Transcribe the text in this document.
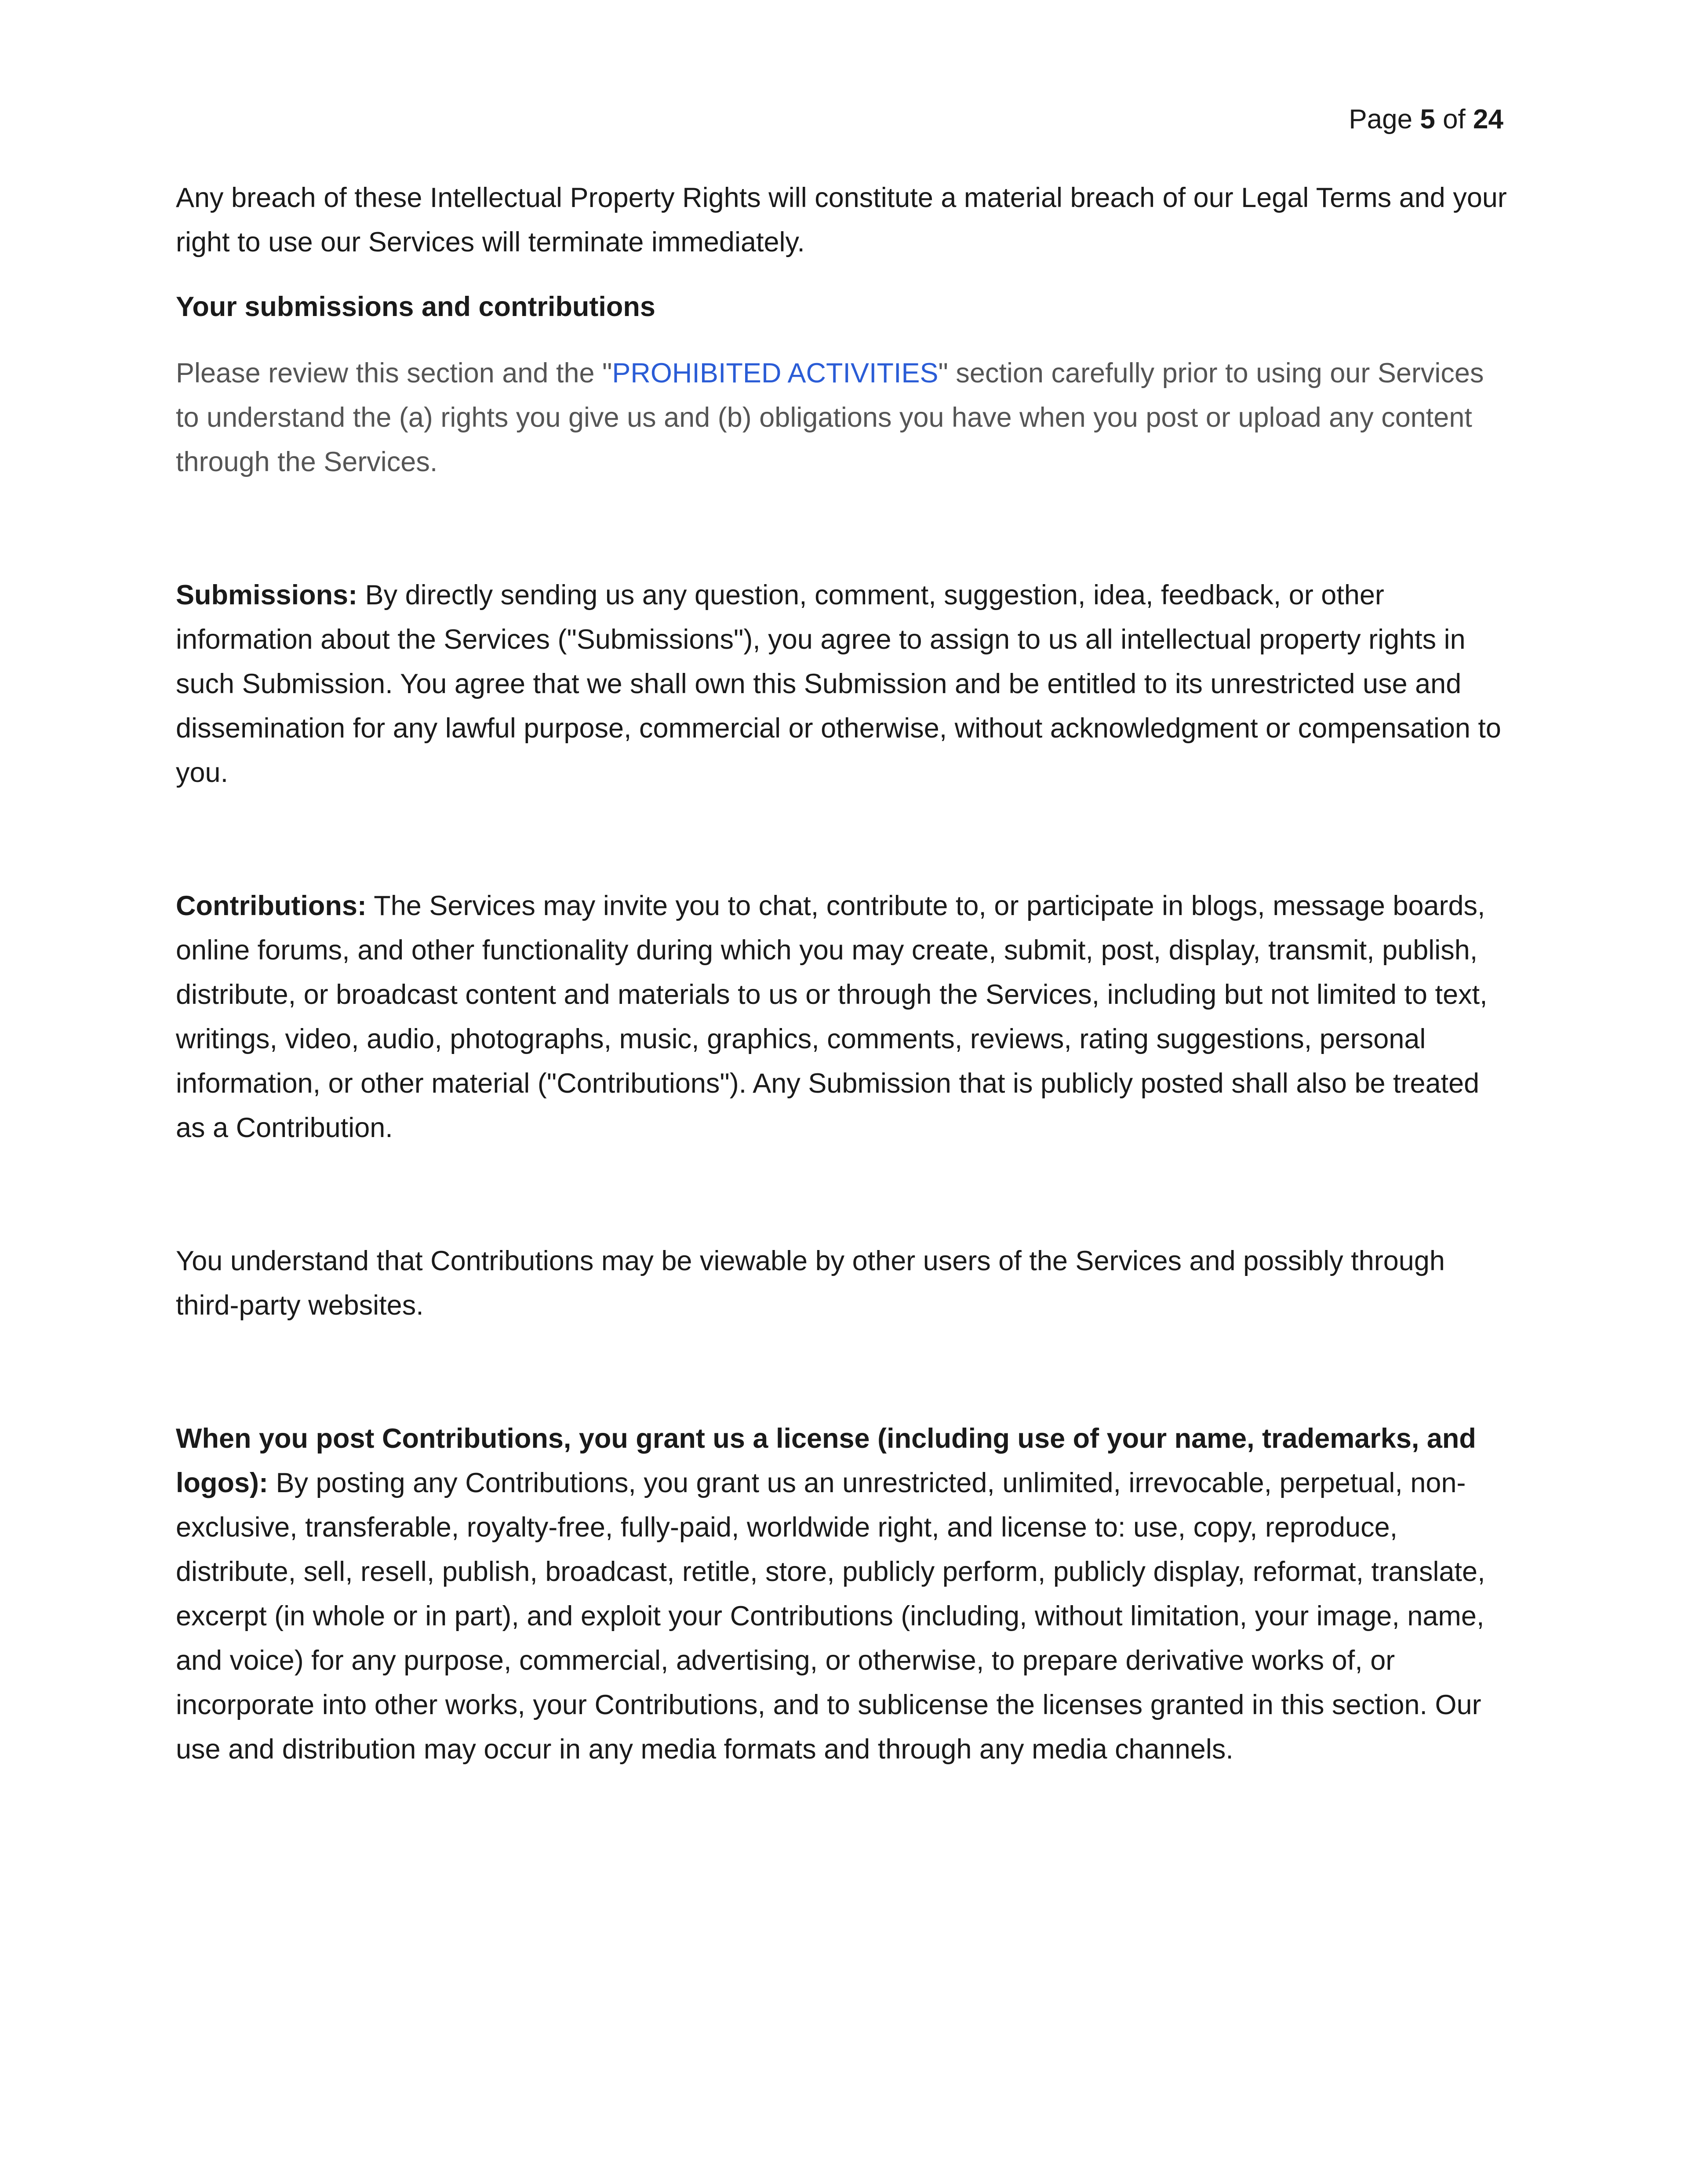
Page 5 of 24

Any breach of these Intellectual Property Rights will constitute a material breach of our Legal Terms and your right to use our Services will terminate immediately.

Your submissions and contributions

Please review this section and the "PROHIBITED ACTIVITIES" section carefully prior to using our Services to understand the (a) rights you give us and (b) obligations you have when you post or upload any content through the Services.

Submissions: By directly sending us any question, comment, suggestion, idea, feedback, or other information about the Services ("Submissions"), you agree to assign to us all intellectual property rights in such Submission. You agree that we shall own this Submission and be entitled to its unrestricted use and dissemination for any lawful purpose, commercial or otherwise, without acknowledgment or compensation to you.

Contributions: The Services may invite you to chat, contribute to, or participate in blogs, message boards, online forums, and other functionality during which you may create, submit, post, display, transmit, publish, distribute, or broadcast content and materials to us or through the Services, including but not limited to text, writings, video, audio, photographs, music, graphics, comments, reviews, rating suggestions, personal information, or other material ("Contributions"). Any Submission that is publicly posted shall also be treated as a Contribution.

You understand that Contributions may be viewable by other users of the Services and possibly through third-party websites.

When you post Contributions, you grant us a license (including use of your name, trademarks, and logos): By posting any Contributions, you grant us an unrestricted, unlimited, irrevocable, perpetual, non-exclusive, transferable, royalty-free, fully-paid, worldwide right, and license to: use, copy, reproduce, distribute, sell, resell, publish, broadcast, retitle, store, publicly perform, publicly display, reformat, translate, excerpt (in whole or in part), and exploit your Contributions (including, without limitation, your image, name, and voice) for any purpose, commercial, advertising, or otherwise, to prepare derivative works of, or incorporate into other works, your Contributions, and to sublicense the licenses granted in this section. Our use and distribution may occur in any media formats and through any media channels.
